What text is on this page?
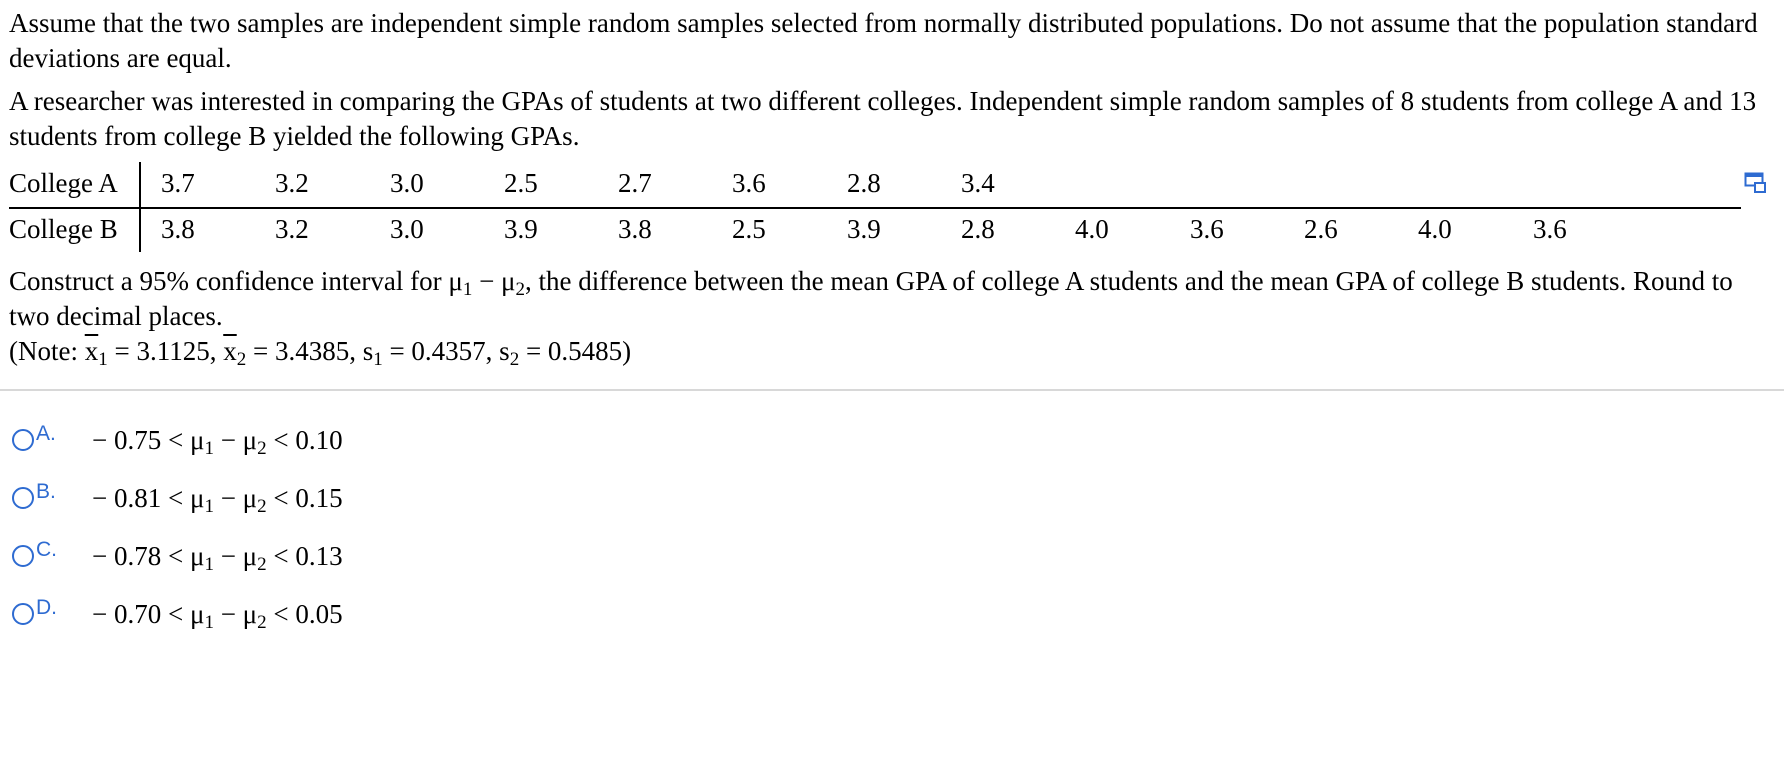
Assume that the two samples are independent simple random samples selected from normally distributed populations. Do not assume that the population standard deviations are equal.

A researcher was interested in comparing the GPAs of students at two different colleges. Independent simple random samples of 8 students from college A and 13 students from college B yielded the following GPAs.

College A 3.7	3.2	3.0	2.5	2.7	3.6	2.8	3.4
College B 3.8	3.2	3.0	3.9	3.8	2.5	3.9	2.8	4.0	3.6	2.6	4.0	3.6

Construct a 95% confidence interval for $\mu_1 - \mu_2$, the difference between the mean GPA of college A students and the mean GPA of college B students. Round to two decimal places.

(Note: $\overline{x}_1 = 3.1125$, $\overline{x}_2 = 3.4385$, $s_1 = 0.4357$, $s_2 = 0.5485$)

A.	− $0.75 < \mu_1 - \mu_2 < 0.10$
B.	− $0.81 < \mu_1 - \mu_2 < 0.15$
C.	− $0.78 < \mu_1 - \mu_2 < 0.13$
D.	− $0.70 < \mu_1 - \mu_2 < 0.05$
